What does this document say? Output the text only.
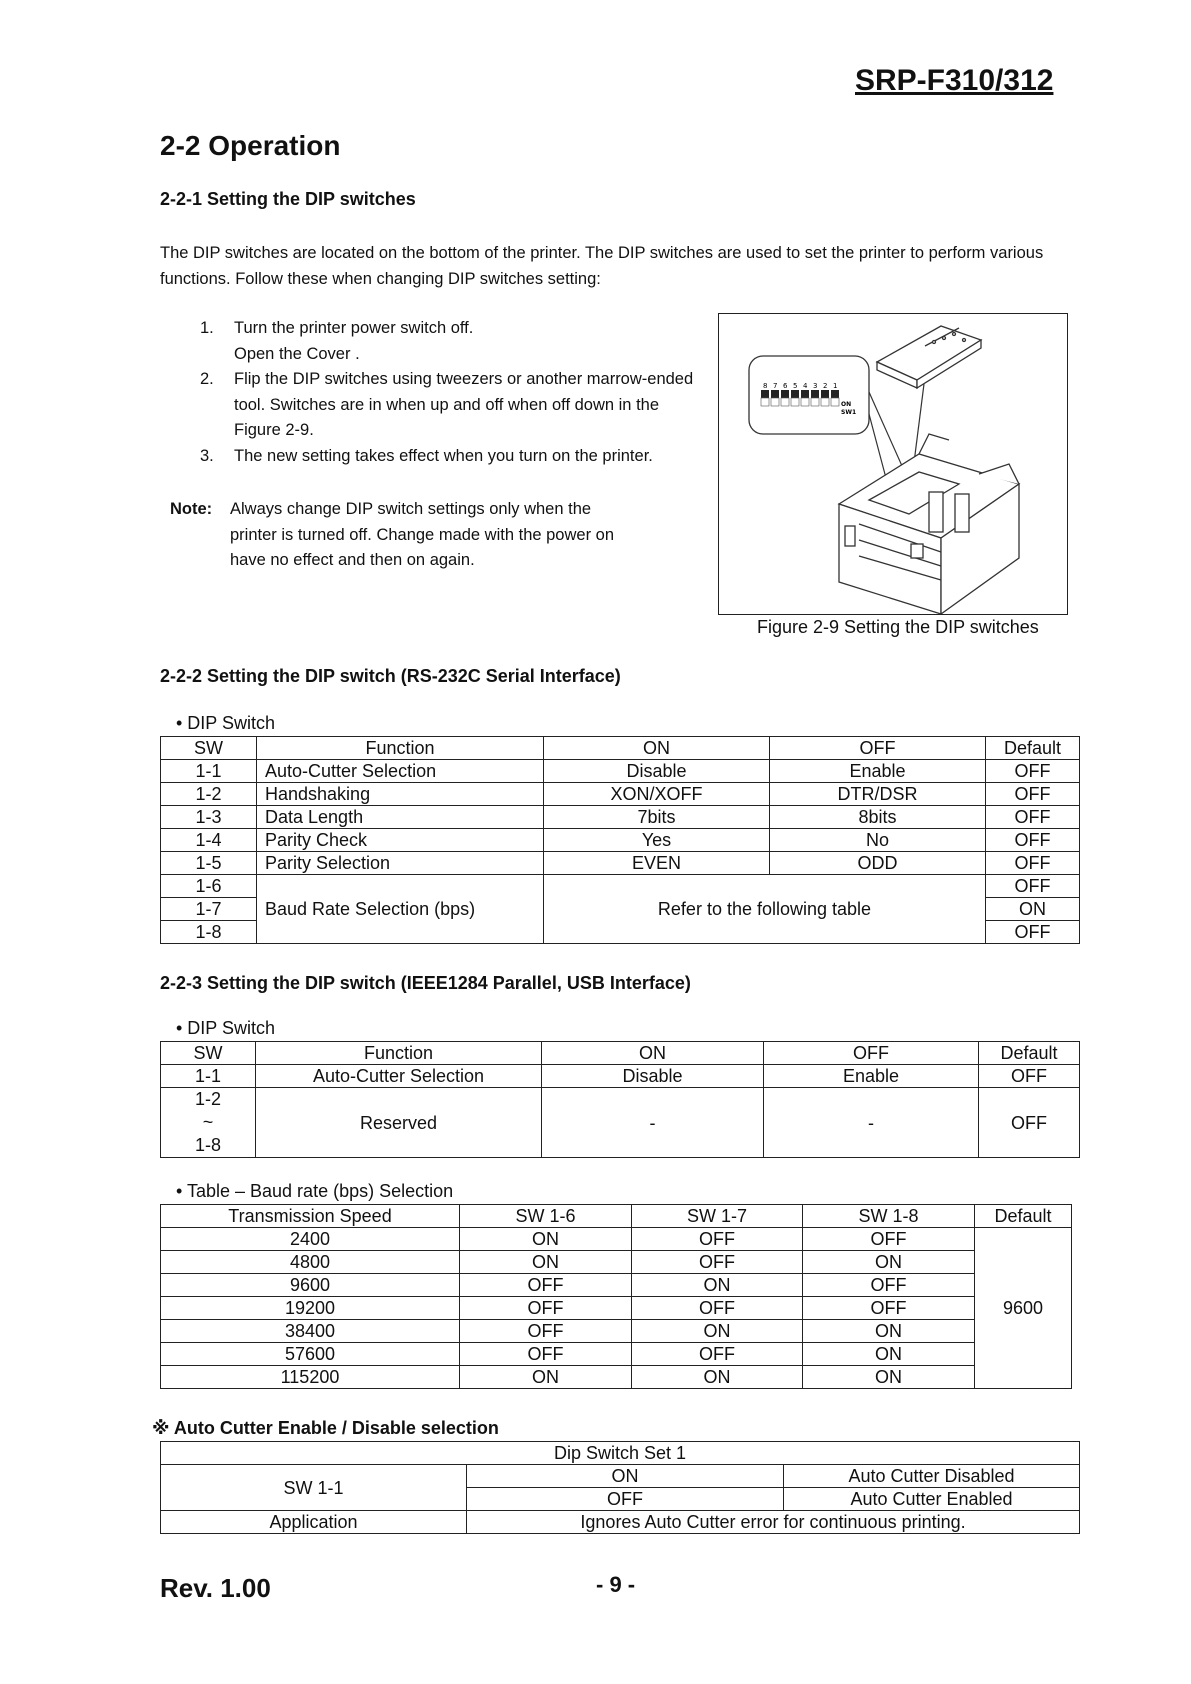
SRP-F310/312
2-2 Operation
2-2-1 Setting the DIP switches
The DIP switches are located on the bottom of the printer. The DIP switches are used to set the printer to perform various functions. Follow these when changing DIP switches setting:
1. Turn the printer power switch off.
Open the Cover .
2. Flip the DIP switches using tweezers or another marrow-ended
tool. Switches are in when up and off when off down in the
Figure 2-9.
3. The new setting takes effect when you turn on the printer.
Note: Always change DIP switch settings only when the
printer is turned off. Change made with the power on
have no effect and then on again.
8 7 6 5 4 3 2 1
ON
SW1
Figure 2-9 Setting the DIP switches
2-2-2 Setting the DIP switch (RS-232C Serial Interface)
• DIP Switch
SW	Function	ON	OFF	Default
1-1	Auto-Cutter Selection	Disable	Enable	OFF
1-2	Handshaking	XON/XOFF	DTR/DSR	OFF
1-3	Data Length	7bits	8bits	OFF
1-4	Parity Check	Yes	No	OFF
1-5	Parity Selection	EVEN	ODD	OFF
1-6	Baud Rate Selection (bps)	Refer to the following table		OFF
1-7				ON
1-8				OFF
2-2-3 Setting the DIP switch (IEEE1284 Parallel, USB Interface)
• DIP Switch
SW	Function	ON	OFF	Default
1-1	Auto-Cutter Selection	Disable	Enable	OFF

1-2
~
1-8	Reserved	-	-	OFF
• Table – Baud rate (bps) Selection
Transmission Speed	SW 1-6	SW 1-7	SW 1-8	Default
2400	ON	OFF	OFF	9600
4800	ON	OFF	ON	
9600	OFF	ON	OFF	
19200	OFF	OFF	OFF	
38400	OFF	ON	ON	
57600	OFF	OFF	ON	
115200	ON	ON	ON	
※ Auto Cutter Enable / Disable selection
Dip Switch Set 1		
SW 1-1	ON	Auto Cutter Disabled
	OFF	Auto Cutter Enabled
Application	Ignores Auto Cutter error for continuous printing.	
Rev. 1.00	- 9 -
